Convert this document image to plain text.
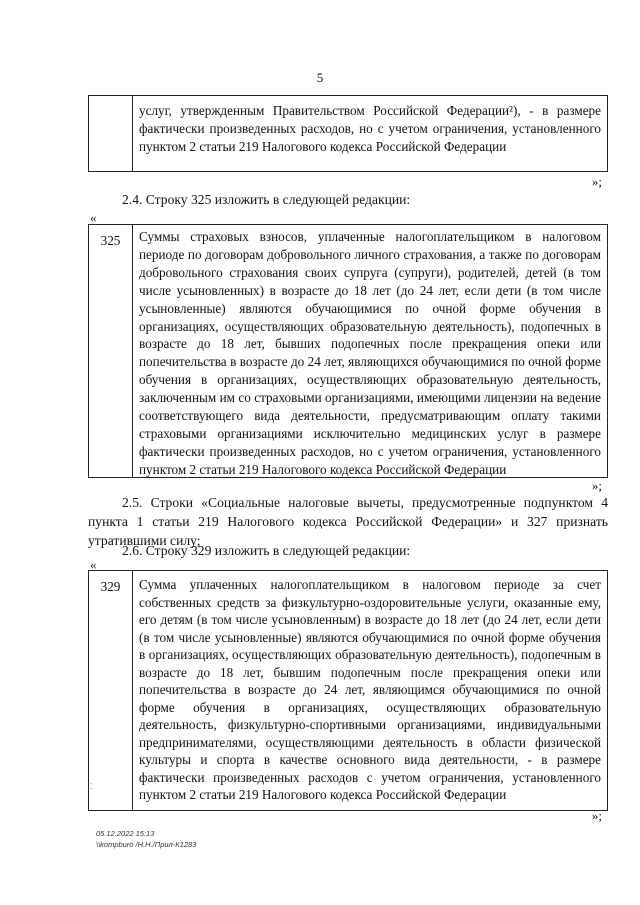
5
услуг, утвержденным Правительством Российской Федерации²), - в размере фактически произведенных расходов, но с учетом ограничения, установленного пунктом 2 статьи 219 Налогового кодекса Российской Федерации
»;
2.4. Строку 325 изложить в следующей редакции:
«
325	Суммы страховых взносов, уплаченные налогоплательщиком в налоговом периоде по договорам добровольного личного страхования, а также по договорам добровольного страхования своих супруга (супруги), родителей, детей (в том числе усыновленных) в возрасте до 18 лет (до 24 лет, если дети (в том числе усыновленные) являются обучающимися по очной форме обучения в организациях, осуществляющих образовательную деятельность), подопечных в возрасте до 18 лет, бывших подопечных после прекращения опеки или попечительства в возрасте до 24 лет, являющихся обучающимися по очной форме обучения в организациях, осуществляющих образовательную деятельность, заключенным им со страховыми организациями, имеющими лицензии на ведение соответствующего вида деятельности, предусматривающим оплату такими страховыми организациями исключительно медицинских услуг в размере фактически произведенных расходов, но с учетом ограничения, установленного пунктом 2 статьи 219 Налогового кодекса Российской Федерации
»;
2.5. Строки «Социальные налоговые вычеты, предусмотренные подпунктом 4 пункта 1 статьи 219 Налогового кодекса Российской Федерации» и 327 признать утратившими силу;
2.6. Строку 329 изложить в следующей редакции:
«
329	Сумма уплаченных налогоплательщиком в налоговом периоде за счет собственных средств за физкультурно-оздоровительные услуги, оказанные ему, его детям (в том числе усыновленным) в возрасте до 18 лет (до 24 лет, если дети (в том числе усыновленные) являются обучающимися по очной форме обучения в организациях, осуществляющих образовательную деятельность), подопечным в возрасте до 18 лет, бывшим подопечным после прекращения опеки или попечительства в возрасте до 24 лет, являющимся обучающимися по очной форме обучения в организациях, осуществляющих образовательную деятельность, физкультурно-спортивными организациями, индивидуальными предпринимателями, осуществляющими деятельность в области физической культуры и спорта в качестве основного вида деятельности, - в размере фактически произведенных расходов с учетом ограничения, установленного пунктом 2 статьи 219 Налогового кодекса Российской Федерации
»;
05.12.2022 15:13
\\kompburo /Н.Н./Прил-К1283
⁚
